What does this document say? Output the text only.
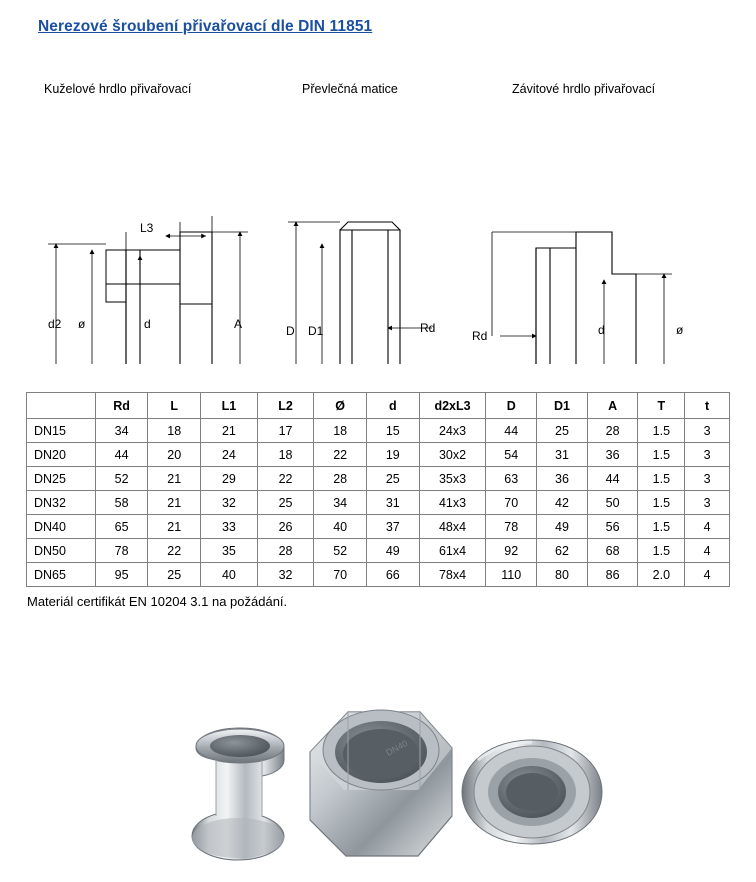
Nerezové šroubení přivařovací dle DIN 11851
Kuželové hrdlo přivařovací	Převlečná matice	Závitové hrdlo přivařovací
L3
d2 ø	d	A	D D1	Rd
Rd	d	ø
	Rd	L	L1	L2	Ø	d	d2xL3	D	D1	A	T	t
DN15	34	18	21	17	18	15	24x3	44	25	28	1.5	3
DN20	44	20	24	18	22	19	30x2	54	31	36	1.5	3
DN25	52	21	29	22	28	25	35x3	63	36	44	1.5	3
DN32	58	21	32	25	34	31	41x3	70	42	50	1.5	3
DN40	65	21	33	26	40	37	48x4	78	49	56	1.5	4
DN50	78	22	35	28	52	49	61x4	92	62	68	1.5	4
DN65	95	25	40	32	70	66	78x4	110	80	86	2.0	4
Materiál certifikát EN 10204 3.1 na požádání.
DN40
